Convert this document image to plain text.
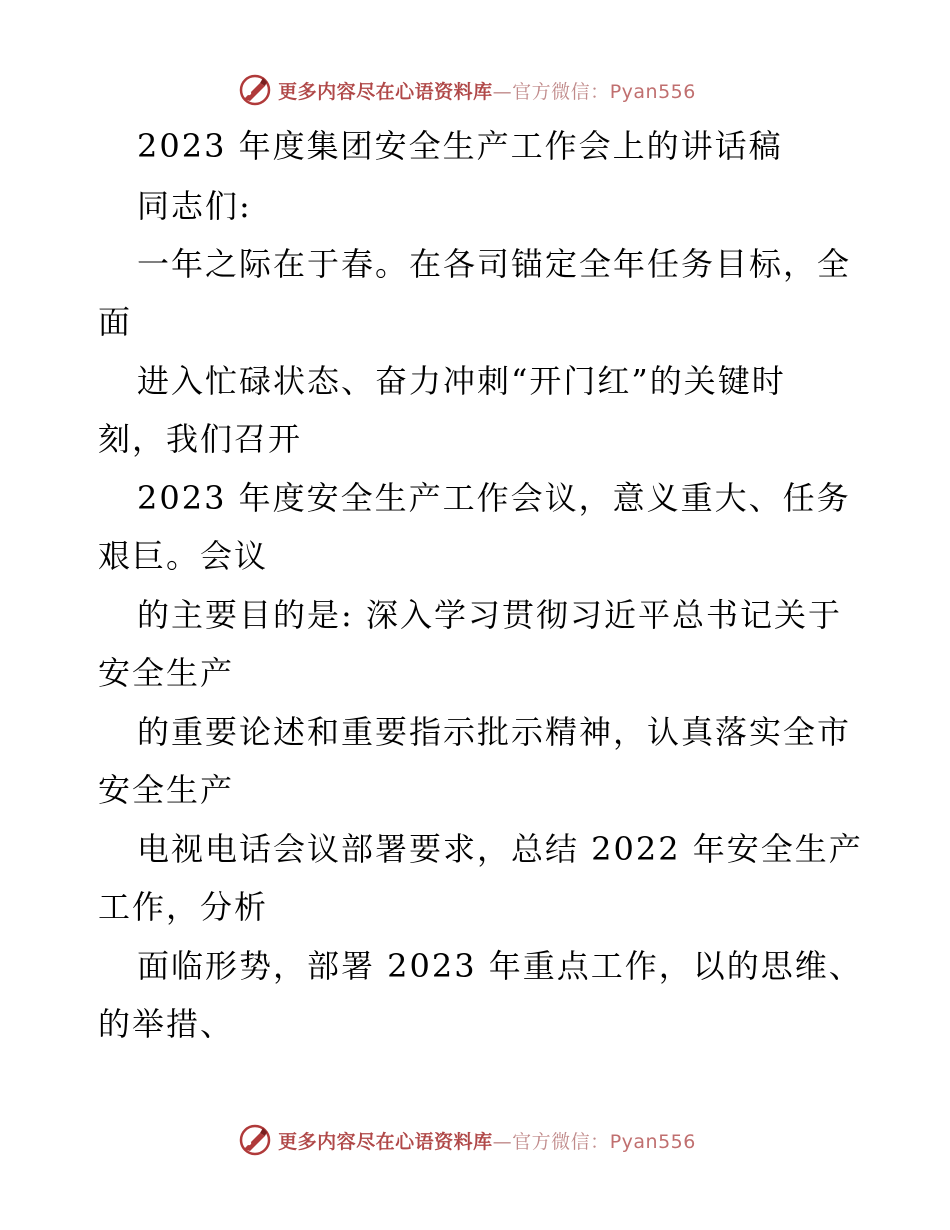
更多内容尽在心语资料库—官方微信：Pyan556
2023 年度集团安全生产工作会上的讲话稿
同志们:
一年之际在于春。在各司锚定全年任务目标，全
面
进入忙碌状态、奋力冲刺“开门红”的关键时
刻，我们召开
2023 年度安全生产工作会议，意义重大、任务
艰巨。会议
的主要目的是: 深入学习贯彻习近平总书记关于
安全生产
的重要论述和重要指示批示精神，认真落实全市
安全生产
电视电话会议部署要求，总结 2022 年安全生产
工作，分析
面临形势，部署 2023 年重点工作，以的思维、
的举措、
更多内容尽在心语资料库—官方微信：Pyan556
